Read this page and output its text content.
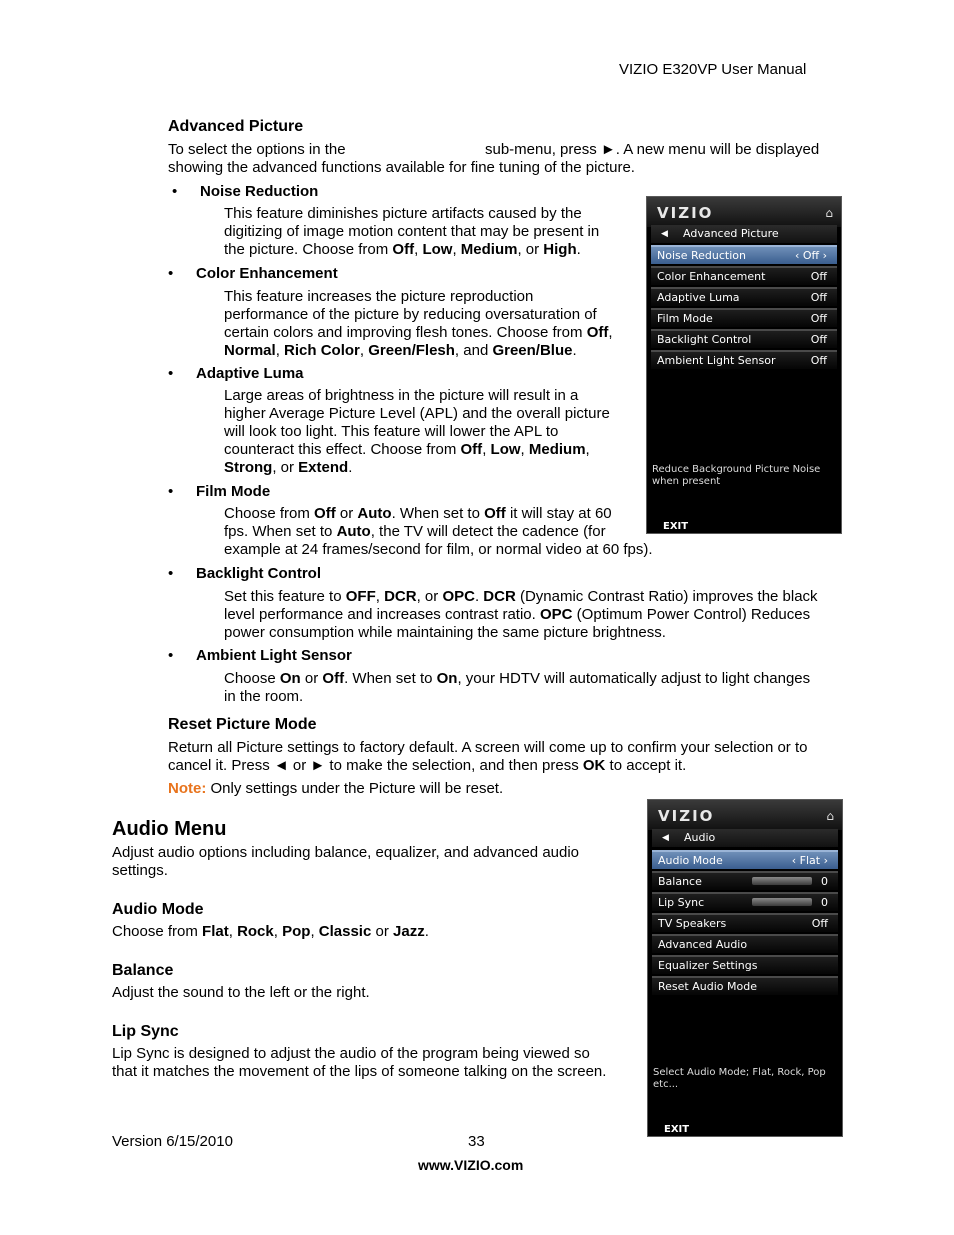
VIZIO E320VP User Manual
Advanced Picture
To select the options in the	sub-menu, press ►. A new menu will be displayed
showing the advanced functions available for fine tuning of the picture.
• Noise Reduction

This feature diminishes picture artifacts caused by the

digitizing of image motion content that may be present in

the picture. Choose from Off, Low, Medium, or High.

• Color Enhancement

This feature increases the picture reproduction

performance of the picture by reducing oversaturation of

certain colors and improving flesh tones. Choose from Off,

Normal, Rich Color, Green/Flesh, and Green/Blue.

• Adaptive Luma

Large areas of brightness in the picture will result in a

higher Average Picture Level (APL) and the overall picture

will look too light. This feature will lower the APL to

counteract this effect. Choose from Off, Low, Medium,

Strong, or Extend.

• Film Mode

Choose from Off or Auto. When set to Off it will stay at 60

fps. When set to Auto, the TV will detect the cadence (for

example at 24 frames/second for film, or normal video at 60 fps).

• Backlight Control

Set this feature to OFF, DCR, or OPC. DCR (Dynamic Contrast Ratio) improves the black

level performance and increases contrast ratio. OPC (Optimum Power Control) Reduces

power consumption while maintaining the same picture brightness.

• Ambient Light Sensor

Choose On or Off. When set to On, your HDTV will automatically adjust to light changes

in the room.

Reset Picture Mode

Return all Picture settings to factory default. A screen will come up to confirm your selection or to

cancel it. Press ◄ or ► to make the selection, and then press OK to accept it.

Note: Only settings under the Picture will be reset.
Audio Menu

Adjust audio options including balance, equalizer, and advanced audio

settings.

Audio Mode
Choose from Flat, Rock, Pop, Classic or Jazz.
Balance
Adjust the sound to the left or the right.
Lip Sync

Lip Sync is designed to adjust the audio of the program being viewed so

that it matches the movement of the lips of someone talking on the screen.

VIZIO	⌂
◀ Advanced Picture
Noise Reduction	‹ Off ›
Color Enhancement	Off
Adaptive Luma	Off
Film Mode	Off
Backlight Control	Off
Ambient Light Sensor	Off
Reduce Background Picture Noise when present
EXIT
VIZIO	⌂
◀ Audio
Audio Mode	‹ Flat ›
Balance	0
Lip Sync	0
TV Speakers	Off
Advanced Audio
Equalizer Settings
Reset Audio Mode
Select Audio Mode; Flat, Rock, Pop etc...
EXIT
Version 6/15/2010	33
www.VIZIO.com
